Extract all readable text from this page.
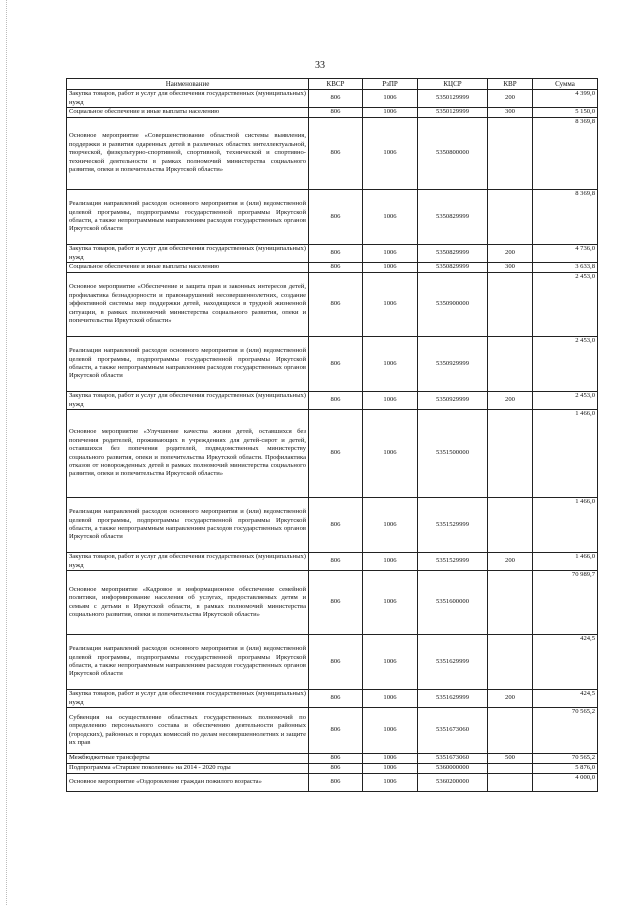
33
Наименование	КВСР	РзПР	КЦСР	КВР	Сумма
Закупка товаров, работ и услуг для обеспечения государственных (муниципальных) нужд	806	1006	5350129999	200	4 399,0
Социальное обеспечение и иные выплаты населению	806	1006	5350129999	300	5 150,0
Основное мероприятие «Совершенствование областной системы выявления, поддержки и развития одаренных детей в различных областях интеллектуальной, творческой, физкультурно-спортивной, спортивной, технической и спортивно-технической деятельности в рамках полномочий министерства социального развития, опеки и попечительства Иркутской области»	806	1006	5350800000		8 369,8
Реализация направлений расходов основного мероприятия и (или) ведомственной целевой программы, подпрограммы государственной программы Иркутской области, а также непрограммным направлениям расходов государственных органов Иркутской области	806	1006	5350829999		8 369,8
Закупка товаров, работ и услуг для обеспечения государственных (муниципальных) нужд	806	1006	5350829999	200	4 736,0
Социальное обеспечение и иные выплаты населению	806	1006	5350829999	300	3 633,8
Основное мероприятие «Обеспечение и защита прав и законных интересов детей, профилактика безнадзорности и правонарушений несовершеннолетних, создание эффективной системы мер поддержки детей, находящихся в трудной жизненной ситуации, в рамках полномочий министерства социального развития, опеки и попечительства Иркутской области»	806	1006	5350900000		2 453,0
Реализация направлений расходов основного мероприятия и (или) ведомственной целевой программы, подпрограммы государственной программы Иркутской области, а также непрограммным направлениям расходов государственных органов Иркутской области	806	1006	5350929999		2 453,0
Закупка товаров, работ и услуг для обеспечения государственных (муниципальных) нужд	806	1006	5350929999	200	2 453,0
Основное мероприятие «Улучшение качества жизни детей, оставшихся без попечения родителей, проживающих в учреждениях для детей-сирот и детей, оставшихся без попечения родителей, подведомственных министерству социального развития, опеки и попечительства Иркутской области. Профилактика отказов от новорожденных детей в рамках полномочий министерства социального развития, опеки и попечительства Иркутской области»	806	1006	5351500000		1 466,0
Реализация направлений расходов основного мероприятия и (или) ведомственной целевой программы, подпрограммы государственной программы Иркутской области, а также непрограммным направлениям расходов государственных органов Иркутской области	806	1006	5351529999		1 466,0
Закупка товаров, работ и услуг для обеспечения государственных (муниципальных) нужд	806	1006	5351529999	200	1 466,0
Основное мероприятие «Кадровое и информационное обеспечение семейной политики, информирование населения об услугах, предоставляемых детям и семьям с детьми в Иркутской области, в рамках полномочий министерства социального развития, опеки и попечительства Иркутской области»	806	1006	5351600000		70 989,7
Реализация направлений расходов основного мероприятия и (или) ведомственной целевой программы, подпрограммы государственной программы Иркутской области, а также непрограммным направлениям расходов государственных органов Иркутской области	806	1006	5351629999		424,5
Закупка товаров, работ и услуг для обеспечения государственных (муниципальных) нужд	806	1006	5351629999	200	424,5
Субвенция на осуществление областных государственных полномочий по определению персонального состава и обеспечению деятельности районных (городских), районных в городах комиссий по делам несовершеннолетних и защите их прав	806	1006	5351673060		70 565,2
Межбюджетные трансферты	806	1006	5351673060	500	70 565,2
Подпрограмма «Старшее поколение» на 2014 - 2020 годы	806	1006	5360000000		5 876,0
Основное мероприятие «Оздоровление граждан пожилого возраста»	806	1006	5360200000		4 000,0
